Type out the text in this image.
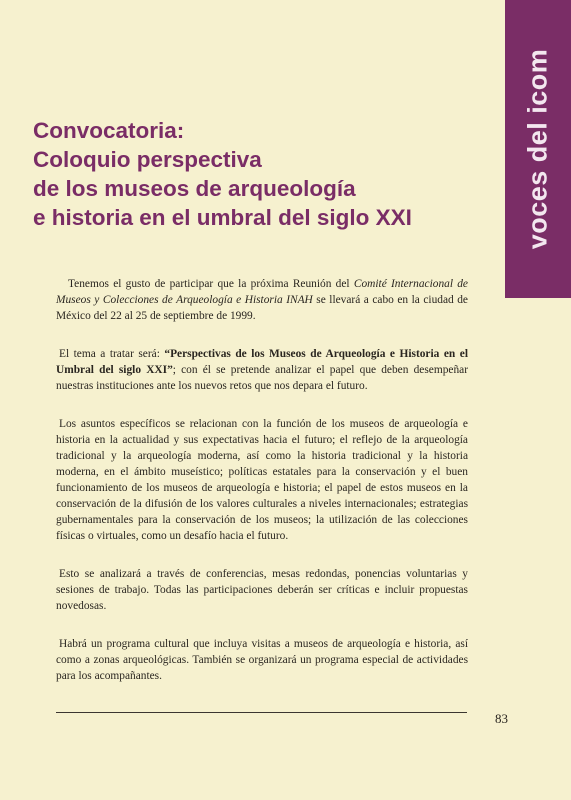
voces del icom
Convocatoria:
Coloquio perspectiva
de los museos de arqueología
e historia en el umbral del siglo XXI

Tenemos el gusto de participar que la próxima Reunión del Comité Internacional de Museos y Colecciones de Arqueología e Historia INAH se llevará a cabo en la ciudad de México del 22 al 25 de septiembre de 1999.

El tema a tratar será: “Perspectivas de los Museos de Arqueología e Historia en el Umbral del siglo XXI”; con él se pretende analizar el papel que deben desempeñar nuestras instituciones ante los nuevos retos que nos depara el futuro.

Los asuntos específicos se relacionan con la función de los museos de arqueología e historia en la actualidad y sus expectativas hacia el futuro; el reflejo de la arqueología tradicional y la arqueología moderna, así como la historia tradicional y la historia moderna, en el ámbito museístico; políticas estatales para la conservación y el buen funcionamiento de los museos de arqueología e historia; el papel de estos museos en la conservación de la difusión de los valores culturales a niveles internacionales; estrategias gubernamentales para la conservación de los museos; la utilización de las colecciones físicas o virtuales, como un desafío hacia el futuro.

Esto se analizará a través de conferencias, mesas redondas, ponencias voluntarias y sesiones de trabajo. Todas las participaciones deberán ser críticas e incluir propuestas novedosas.

Habrá un programa cultural que incluya visitas a museos de arqueología e historia, así como a zonas arqueológicas. También se organizará un programa especial de actividades para los acompañantes.

83
